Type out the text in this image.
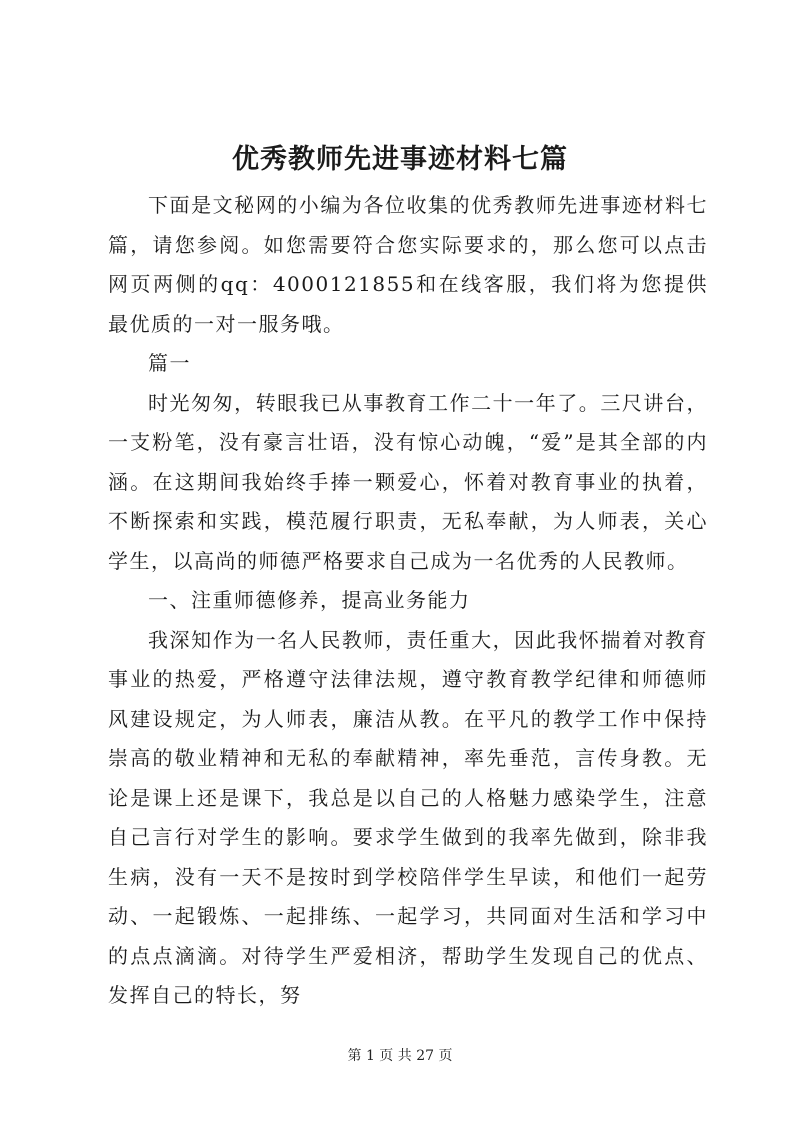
优秀教师先进事迹材料七篇

下面是文秘网的小编为各位收集的优秀教师先进事迹材料七篇，请您参阅。如您需要符合您实际要求的，那么您可以点击网页两侧的qq：4000121855和在线客服，我们将为您提供最优质的一对一服务哦。

篇一

时光匆匆，转眼我已从事教育工作二十一年了。三尺讲台，一支粉笔，没有豪言壮语，没有惊心动魄，“爱”是其全部的内涵。在这期间我始终手捧一颗爱心，怀着对教育事业的执着，不断探索和实践，模范履行职责，无私奉献，为人师表，关心学生，以高尚的师德严格要求自己成为一名优秀的人民教师。

一、注重师德修养，提高业务能力

我深知作为一名人民教师，责任重大，因此我怀揣着对教育事业的热爱，严格遵守法律法规，遵守教育教学纪律和师德师风建设规定，为人师表，廉洁从教。在平凡的教学工作中保持崇高的敬业精神和无私的奉献精神，率先垂范，言传身教。无论是课上还是课下，我总是以自己的人格魅力感染学生，注意自己言行对学生的影响。要求学生做到的我率先做到，除非我生病，没有一天不是按时到学校陪伴学生早读，和他们一起劳动、一起锻炼、一起排练、一起学习，共同面对生活和学习中的点点滴滴。对待学生严爱相济，帮助学生发现自己的优点、发挥自己的特长，努

第 1 页 共 27 页
